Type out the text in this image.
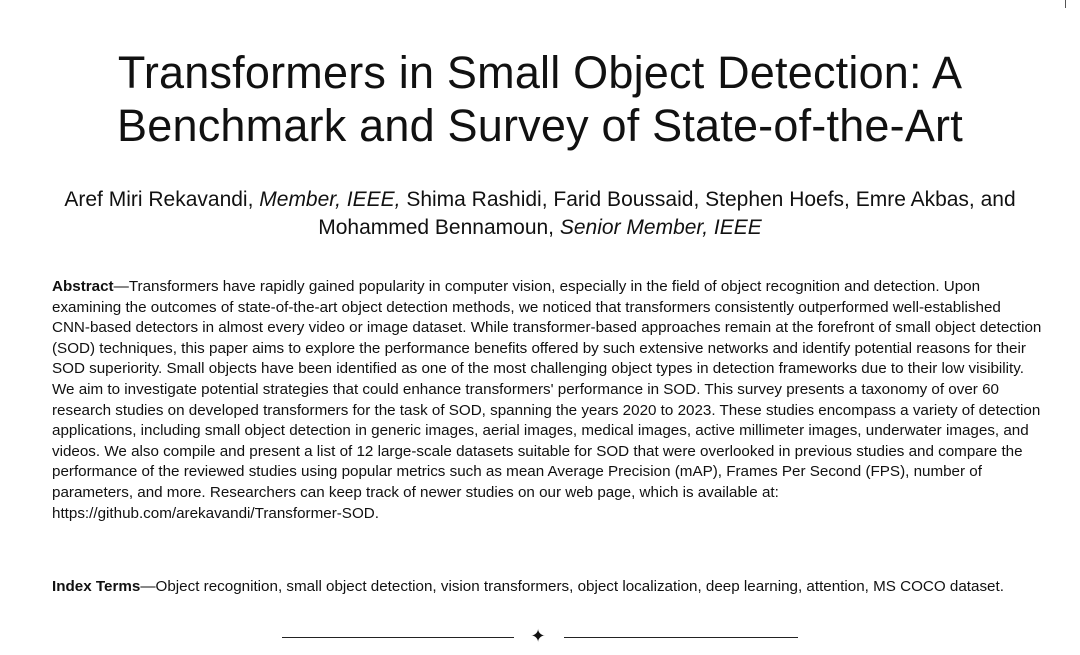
Transformers in Small Object Detection: A
Benchmark and Survey of State-of-the-Art
Aref Miri Rekavandi, Member, IEEE, Shima Rashidi, Farid Boussaid, Stephen Hoefs, Emre Akbas, and
Mohammed Bennamoun, Senior Member, IEEE

Abstract—Transformers have rapidly gained popularity in computer vision, especially in the field of object recognition and detection. Upon examining the outcomes of state-of-the-art object detection methods, we noticed that transformers consistently outperformed well-established CNN-based detectors in almost every video or image dataset. While transformer-based approaches remain at the forefront of small object detection (SOD) techniques, this paper aims to explore the performance benefits offered by such extensive networks and identify potential reasons for their SOD superiority. Small objects have been identified as one of the most challenging object types in detection frameworks due to their low visibility. We aim to investigate potential strategies that could enhance transformers' performance in SOD. This survey presents a taxonomy of over 60 research studies on developed transformers for the task of SOD, spanning the years 2020 to 2023. These studies encompass a variety of detection applications, including small object detection in generic images, aerial images, medical images, active millimeter images, underwater images, and videos. We also compile and present a list of 12 large-scale datasets suitable for SOD that were overlooked in previous studies and compare the performance of the reviewed studies using popular metrics such as mean Average Precision (mAP), Frames Per Second (FPS), number of parameters, and more. Researchers can keep track of newer studies on our web page, which is available at: https://github.com/arekavandi/Transformer-SOD.

Index Terms—Object recognition, small object detection, vision transformers, object localization, deep learning, attention, MS COCO dataset.

✦
